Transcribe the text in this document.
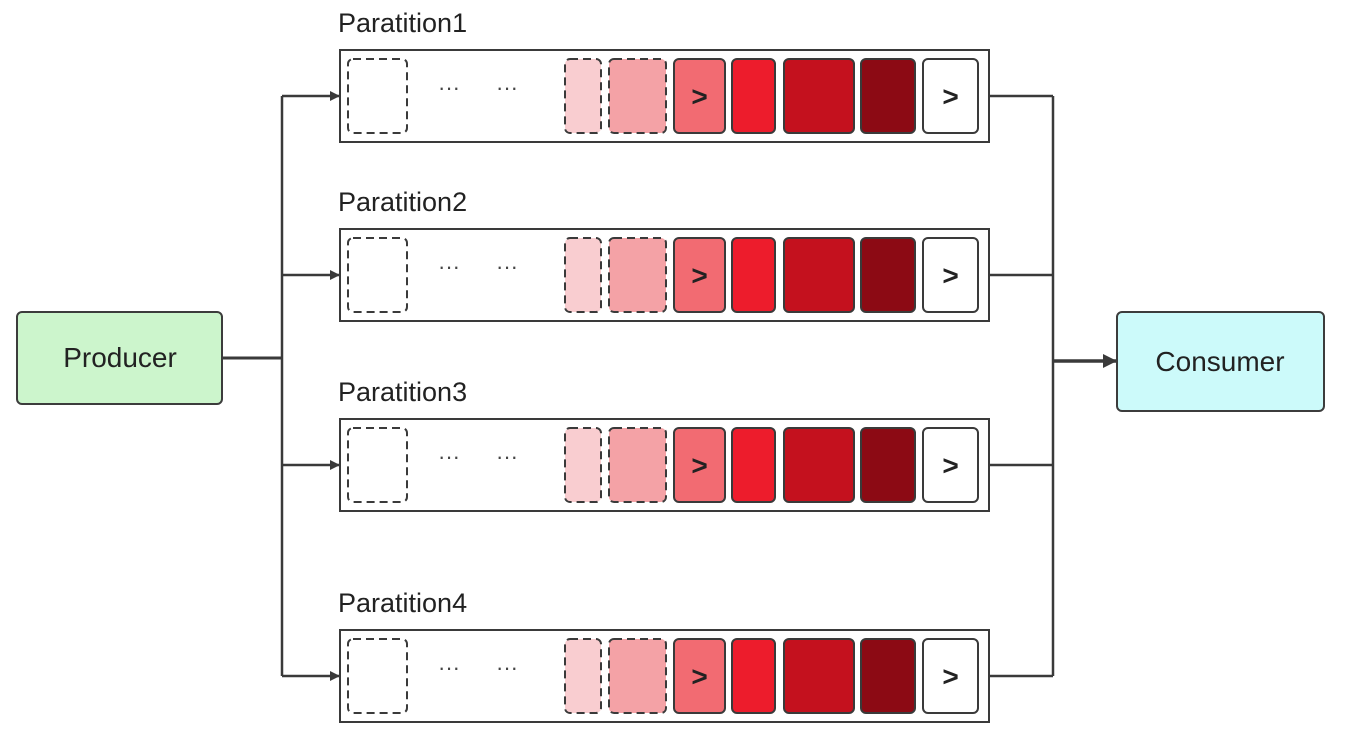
Producer	Consumer
Paratition1
>	>
··· ···
Paratition2
>	>
··· ···
Paratition3
>	>
··· ···
Paratition4
>	>
··· ···
